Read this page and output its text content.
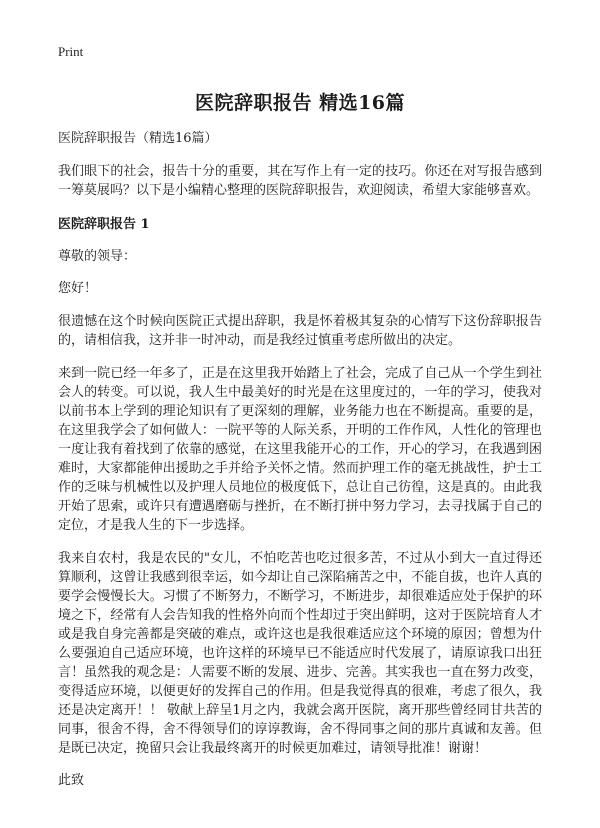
Print
医院辞职报告 精选16篇
医院辞职报告（精选16篇）

我们眼下的社会，报告十分的重要，其在写作上有一定的技巧。你还在对写报告感到一筹莫展吗？以下是小编精心整理的医院辞职报告，欢迎阅读，希望大家能够喜欢。

医院辞职报告 1
尊敬的领导：
您好！

很遗憾在这个时候向医院正式提出辞职，我是怀着极其复杂的心情写下这份辞职报告的，请相信我，这并非一时冲动，而是我经过慎重考虑所做出的决定。

来到一院已经一年多了，正是在这里我开始踏上了社会，完成了自己从一个学生到社会人的转变。可以说，我人生中最美好的时光是在这里度过的，一年的学习，使我对以前书本上学到的理论知识有了更深刻的理解，业务能力也在不断提高。重要的是，在这里我学会了如何做人：一院平等的人际关系，开明的工作作风，人性化的管理也一度让我有着找到了依靠的感觉，在这里我能开心的工作，开心的学习，在我遇到困难时，大家都能伸出援助之手并给予关怀之情。然而护理工作的毫无挑战性，护士工作的乏味与机械性以及护理人员地位的极度低下，总让自己彷徨，这是真的。由此我开始了思索，或许只有遭遇磨砺与挫折，在不断打拼中努力学习，去寻找属于自己的定位，才是我人生的下一步选择。

我来自农村，我是农民的"女儿，不怕吃苦也吃过很多苦，不过从小到大一直过得还算顺利，这曾让我感到很幸运，如今却让自己深陷痛苦之中，不能自拔，也许人真的要学会慢慢长大。习惯了不断努力，不断学习，不断进步，却很难适应处于保护的环境之下，经常有人会告知我的性格外向而个性却过于突出鲜明，这对于医院培育人才或是我自身完善都是突破的难点，或许这也是我很难适应这个环境的原因；曾想为什么要强迫自己适应环境，也许这样的环境早已不能适应时代发展了，请原谅我口出狂言！虽然我的观念是：人需要不断的发展、进步、完善。其实我也一直在努力改变，变得适应环境，以便更好的发挥自己的作用。但是我觉得真的很难，考虑了很久，我还是决定离开！！ 敬献上辞呈1月之内，我就会离开医院，离开那些曾经同甘共苦的同事，很舍不得，舍不得领导们的谆谆教诲，舍不得同事之间的那片真诚和友善。但是既已决定，挽留只会让我最终离开的时候更加难过，请领导批准！谢谢！

此致
